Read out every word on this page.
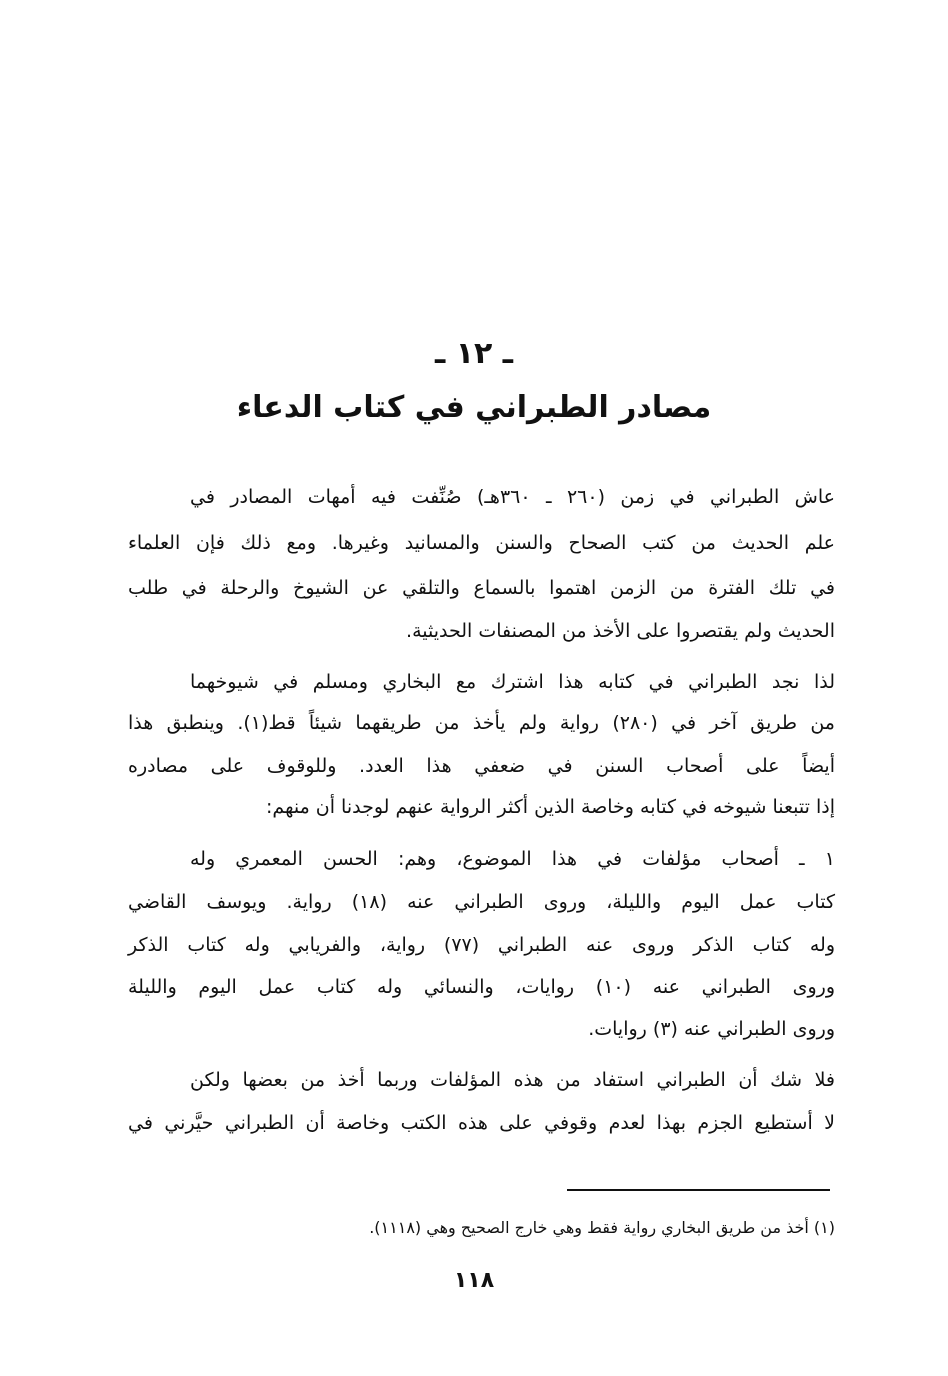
ـ ١٢ ـ
مصادر الطبراني في كتاب الدعاء
عاش الطبراني في زمن (٢٦٠ ـ ٣٦٠هـ) صُنِّفت فيه أمهات المصادر في
علم الحديث من كتب الصحاح والسنن والمسانيد وغيرها. ومع ذلك فإن العلماء
في تلك الفترة من الزمن اهتموا بالسماع والتلقي عن الشيوخ والرحلة في طلب
الحديث ولم يقتصروا على الأخذ من المصنفات الحديثية.
لذا نجد الطبراني في كتابه هذا اشترك مع البخاري ومسلم في شيوخهما
من طريق آخر في (٢٨٠) رواية ولم يأخذ من طريقهما شيئاً قط(١). وينطبق هذا
أيضاً على أصحاب السنن في ضعفي هذا العدد. وللوقوف على مصادره
إذا تتبعنا شيوخه في كتابه وخاصة الذين أكثر الرواية عنهم لوجدنا أن منهم:
١ ـ أصحاب مؤلفات في هذا الموضوع، وهم: الحسن المعمري وله
كتاب عمل اليوم والليلة، وروى الطبراني عنه (١٨) رواية. ويوسف القاضي
وله كتاب الذكر وروى عنه الطبراني (٧٧) رواية، والفريابي وله كتاب الذكر
وروى الطبراني عنه (١٠) روايات، والنسائي وله كتاب عمل اليوم والليلة
وروى الطبراني عنه (٣) روايات.
فلا شك أن الطبراني استفاد من هذه المؤلفات وربما أخذ من بعضها ولكن
لا أستطيع الجزم بهذا لعدم وقوفي على هذه الكتب وخاصة أن الطبراني حيَّرني في
(١) أخذ من طريق البخاري رواية فقط وهي خارج الصحيح وهي (١١١٨).
١١٨
